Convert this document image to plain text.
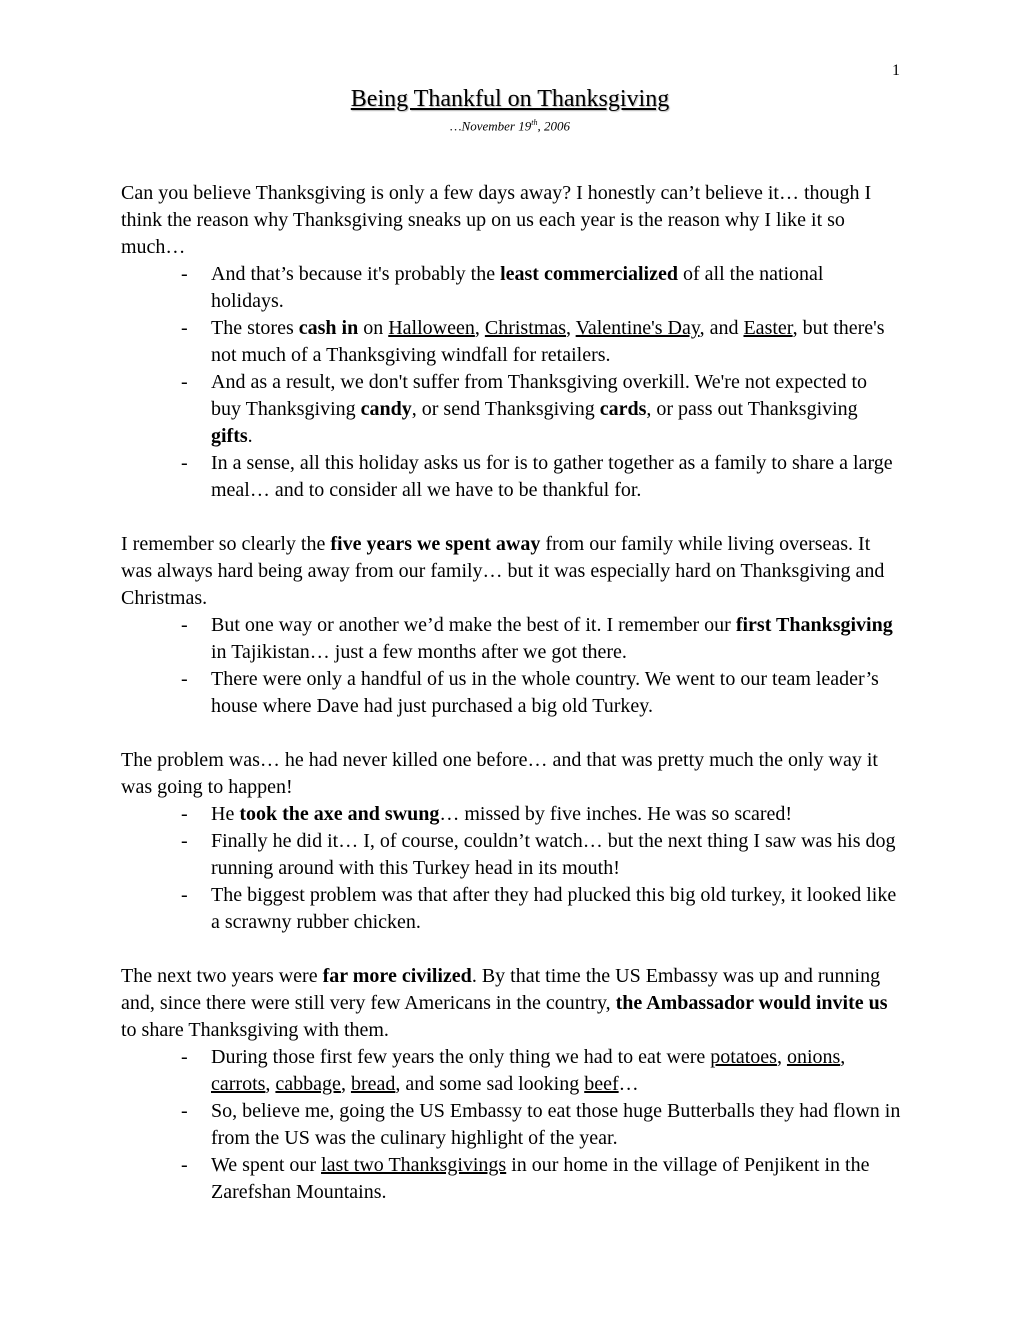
1
Being Thankful on Thanksgiving
…November 19th, 2006

Can you believe Thanksgiving is only a few days away? I honestly can’t believe it… though I think the reason why Thanksgiving sneaks up on us each year is the reason why I like it so much…

- And that’s because it's probably the least commercialized of all the national holidays.
- The stores cash in on Halloween, Christmas, Valentine's Day, and Easter, but there's not much of a Thanksgiving windfall for retailers.
- And as a result, we don't suffer from Thanksgiving overkill. We're not expected to buy Thanksgiving candy, or send Thanksgiving cards, or pass out Thanksgiving gifts.
- In a sense, all this holiday asks us for is to gather together as a family to share a large meal… and to consider all we have to be thankful for.

I remember so clearly the five years we spent away from our family while living overseas. It was always hard being away from our family… but it was especially hard on Thanksgiving and Christmas.

- But one way or another we’d make the best of it. I remember our first Thanksgiving in Tajikistan… just a few months after we got there.
- There were only a handful of us in the whole country. We went to our team leader’s house where Dave had just purchased a big old Turkey.

The problem was… he had never killed one before… and that was pretty much the only way it was going to happen!

- He took the axe and swung… missed by five inches. He was so scared!
- Finally he did it… I, of course, couldn’t watch… but the next thing I saw was his dog running around with this Turkey head in its mouth!
- The biggest problem was that after they had plucked this big old turkey, it looked like a scrawny rubber chicken.

The next two years were far more civilized. By that time the US Embassy was up and running and, since there were still very few Americans in the country, the Ambassador would invite us to share Thanksgiving with them.

- During those first few years the only thing we had to eat were potatoes, onions, carrots, cabbage, bread, and some sad looking beef…
- So, believe me, going the US Embassy to eat those huge Butterballs they had flown in from the US was the culinary highlight of the year.
- We spent our last two Thanksgivings in our home in the village of Penjikent in the Zarefshan Mountains.
